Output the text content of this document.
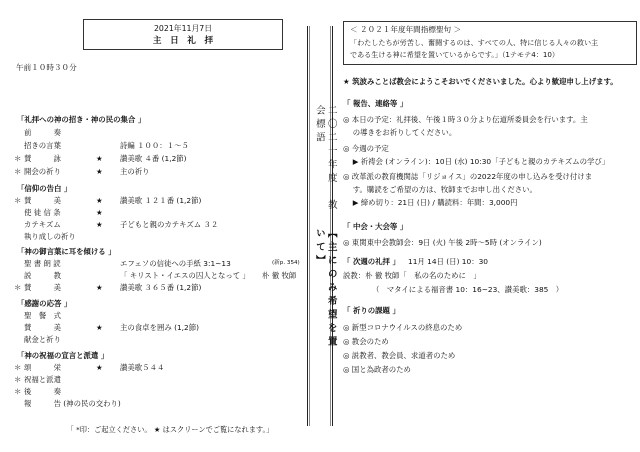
2021年11月7日
主　日　礼　拝
午前１０時３０分
「礼拝への神の招き・神の民の集合 」
前　　　奏
招きの言葉	詩編 １００：１～５
＊ 賛　　　詠	★ 讃美歌 ４番 (1,2節)
＊ 開会の祈り	★ 主の祈り
「信仰の告白 」
＊ 賛　　　美	★ 讃美歌 １２１番 (1,2節)
使 徒 信 条	★
カテキズム	★ 子どもと親のカテキズム ３２
執り成しの祈り
「神の御言葉に耳を傾ける 」
聖 書 朗 読	エフェソの信徒への手紙 3:1~13	(新p. 354)
説　　　教	「 キリスト・イエスの囚人となって 」 朴 徹 牧師
＊ 賛　　　美	★ 讃美歌 ３６５番 (1,2節)
「感謝の応答 」
聖　餐　式
賛　　　美	★ 主の食卓を囲み (1,2節)
献金と祈り
「神の祝福の宣言と派遣 」
＊ 頌　　　栄	★ 讃美歌５４４
＊ 祝福と派遣
＊ 後　　　奏
報　　　告 (神の民の交わり)
「 *印：ご起立ください。 ★ はスクリーンでご覧になれます。」
二〇二一年度　教会標語
【主にのみ希望を置いて】
＜ ２０２１年度年間指標聖句 ＞
「わたしたちが労苦し、奮闘するのは、すべての人、特に信じる人々の救い主
である生ける神に希望を置いているからです。」（1テモテ4：10）
★ 筑波みことば教会にようこそおいでくださいました。心より歓迎申し上げます。
「 報告、連絡等 」
◎ 本日の予定：礼拝後、午後１時３０分より伝道所委員会を行います。主
　 の導きをお祈りしてください。
◎ 今週の予定
　 ▶ 祈祷会 (オンライン)：10日 (水) 10:30「子どもと親のカテキズムの学び」
◎ 改革派の教育機関誌「リジョイス」の2022年度の申し込みを受け付けま
　 す。購読をご希望の方は、牧師までお申し出ください。
　 ▶ 締め切り：21日 (日) / 購読料：年間：3,000円
「 中会・大会等 」
◎ 東関東中会教師会：9日 (火) 午後 2時～5時 (オンライン)
「 次週の礼拝 」 11月 14日 (日) 10：30
説教：朴 徹 牧師「　私の名のために　」
（　マタイによる福音書 10：16~23、讃美歌：385　）
「 祈りの課題 」
◎ 新型コロナウイルスの終息のため
◎ 教会のため
◎ 説教者、教会員、求道者のため
◎ 国と為政者のため
